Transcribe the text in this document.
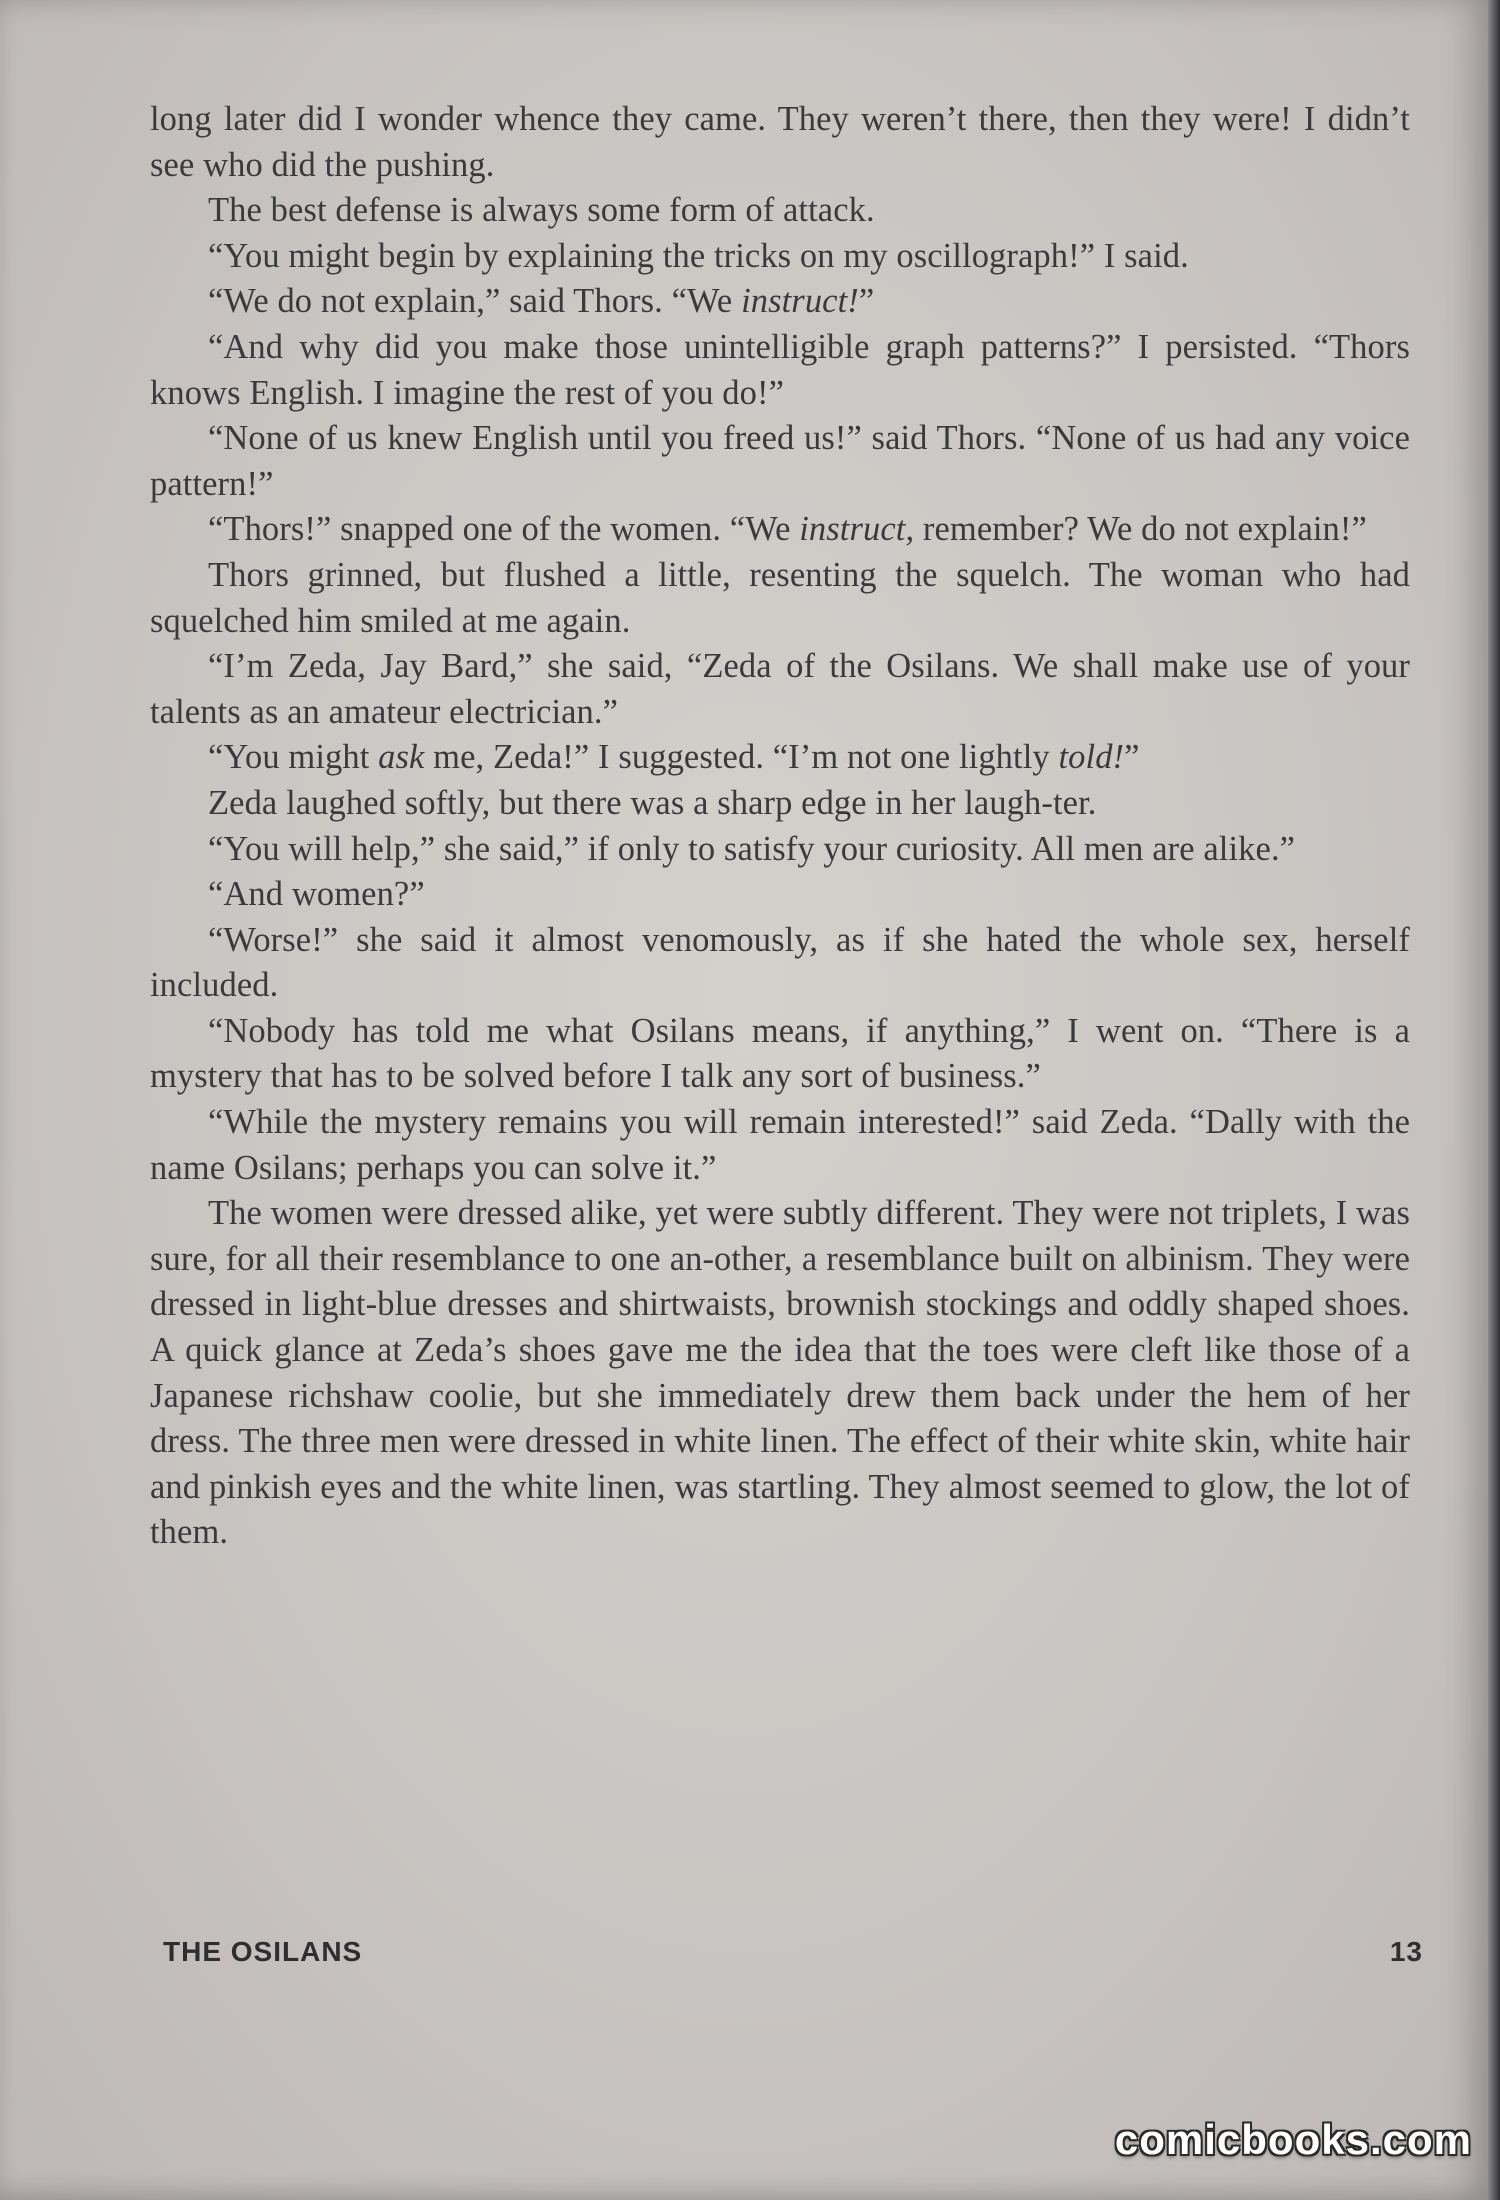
long later did I wonder whence they came. They weren’t there, then they were! I didn’t see who did the pushing.

The best defense is always some form of attack.

“You might begin by explaining the tricks on my oscillograph!” I said.

“We do not explain,” said Thors. “We instruct!”

“And why did you make those unintelligible graph patterns?” I persisted. “Thors knows English. I imagine the rest of you do!”

“None of us knew English until you freed us!” said Thors. “None of us had any voice pattern!”

“Thors!” snapped one of the women. “We instruct, remember? We do not explain!”

Thors grinned, but flushed a little, resenting the squelch. The woman who had squelched him smiled at me again.

“I’m Zeda, Jay Bard,” she said, “Zeda of the Osilans. We shall make use of your talents as an amateur electrician.”

“You might ask me, Zeda!” I suggested. “I’m not one lightly told!”

Zeda laughed softly, but there was a sharp edge in her laugh-ter.

“You will help,” she said,” if only to satisfy your curiosity. All men are alike.”

“And women?”

“Worse!” she said it almost venomously, as if she hated the whole sex, herself included.

“Nobody has told me what Osilans means, if anything,” I went on. “There is a mystery that has to be solved before I talk any sort of business.”

“While the mystery remains you will remain interested!” said Zeda. “Dally with the name Osilans; perhaps you can solve it.”

The women were dressed alike, yet were subtly different. They were not triplets, I was sure, for all their resemblance to one an-other, a resemblance built on albinism. They were dressed in light-blue dresses and shirtwaists, brownish stockings and oddly shaped shoes. A quick glance at Zeda’s shoes gave me the idea that the toes were cleft like those of a Japanese richshaw coolie, but she immediately drew them back under the hem of her dress. The three men were dressed in white linen. The effect of their white skin, white hair and pinkish eyes and the white linen, was startling. They almost seemed to glow, the lot of them.

THE OSILANS	13
comicbooks.com
